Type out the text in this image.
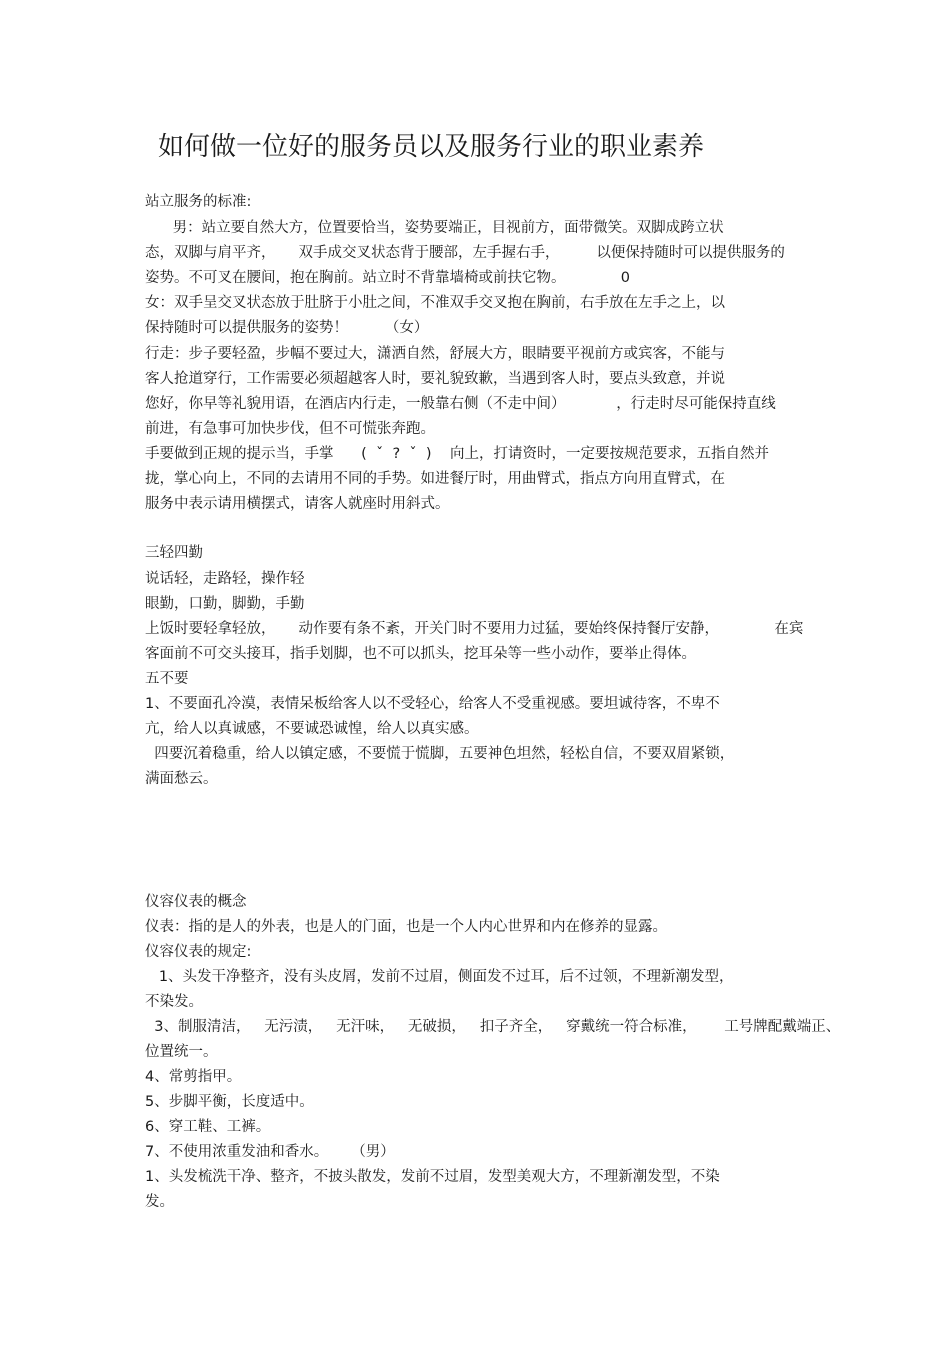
如何做一位好的服务员以及服务行业的职业素养
站立服务的标准:
男：站立要自然大方，位置要恰当，姿势要端正，目视前方，面带微笑。双脚成跨立状
态，双脚与肩平齐，     双手成交叉状态背于腰部，左手握右手，        以便保持随时可以提供服务的
姿势。不可叉在腰间，抱在胸前。站立时不背靠墙椅或前扶它物。            0
女：双手呈交叉状态放于肚脐于小肚之间，不准双手交叉抱在胸前，右手放在左手之上，以
保持随时可以提供服务的姿势！        （女）
行走：步子要轻盈，步幅不要过大，潇洒自然，舒展大方，眼睛要平视前方或宾客，不能与
客人抢道穿行，工作需要必须超越客人时，要礼貌致歉，当遇到客人时，要点头致意，并说
您好，你早等礼貌用语，在酒店内行走，一般靠右侧（不走中间）           ，行走时尽可能保持直线
前进，有急事可加快步伐，但不可慌张奔跑。
手要做到正规的提示当，手掌      (  ˇ  ?  ˇ  )    向上，打请资时，一定要按规范要求，五指自然并
拢，掌心向上，不同的去请用不同的手势。如进餐厅时，用曲臂式，指点方向用直臂式，在
服务中表示请用横摆式，请客人就座时用斜式。
三轻四勤
说话轻，走路轻，操作轻
眼勤，口勤，脚勤，手勤
上饭时要轻拿轻放，     动作要有条不紊，开关门时不要用力过猛，要始终保持餐厅安静，            在宾
客面前不可交头接耳，指手划脚，也不可以抓头，挖耳朵等一些小动作，要举止得体。
五不要
1、不要面孔冷漠，表情呆板给客人以不受轻心，给客人不受重视感。要坦诚待客，不卑不
亢，给人以真诚感，不要诚恐诚惶，给人以真实感。
四要沉着稳重，给人以镇定感，不要慌于慌脚，五要神色坦然，轻松自信，不要双眉紧锁，
满面愁云。
仪容仪表的概念
仪表：指的是人的外表，也是人的门面，也是一个人内心世界和内在修养的显露。
仪容仪表的规定:
1、头发干净整齐，没有头皮屑，发前不过眉，侧面发不过耳，后不过领，不理新潮发型，
不染发。
3、制服清洁，   无污渍，   无汗味，   无破损，   扣子齐全，   穿戴统一符合标准，      工号牌配戴端正、
位置统一。
4、常剪指甲。
5、步脚平衡，长度适中。
6、穿工鞋、工裤。
7、不使用浓重发油和香水。     （男）
1、头发梳洗干净、整齐，不披头散发，发前不过眉，发型美观大方，不理新潮发型，不染
发。
